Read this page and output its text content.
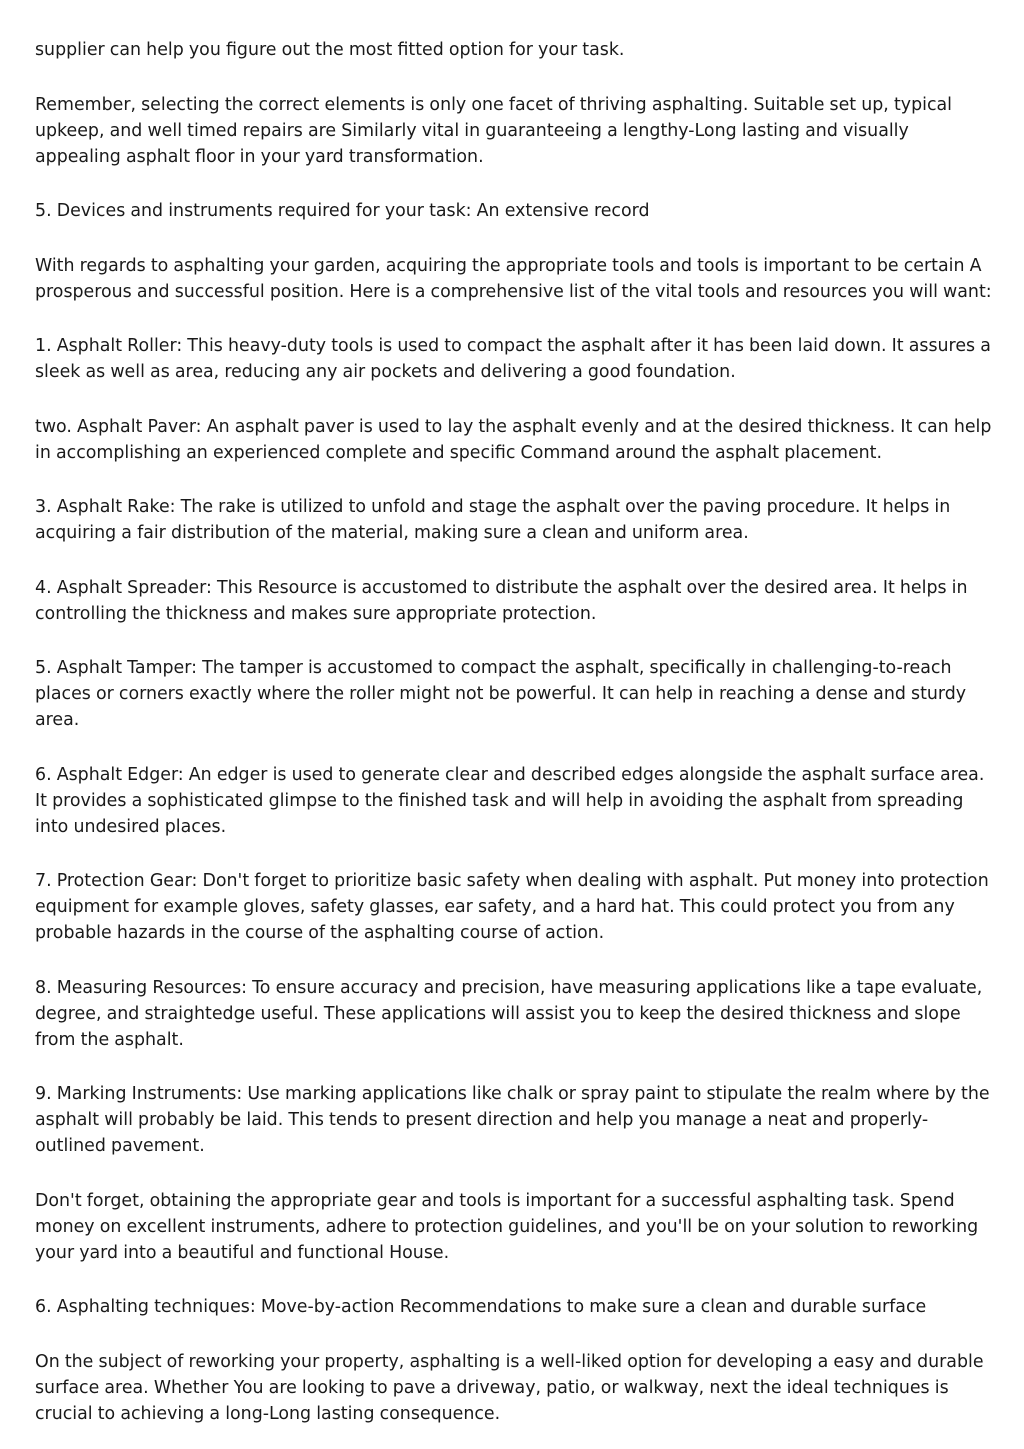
supplier can help you figure out the most fitted option for your task.

Remember, selecting the correct elements is only one facet of thriving asphalting. Suitable set up, typical upkeep, and well timed repairs are Similarly vital in guaranteeing a lengthy-Long lasting and visually appealing asphalt floor in your yard transformation.

5. Devices and instruments required for your task: An extensive record

With regards to asphalting your garden, acquiring the appropriate tools and tools is important to be certain A prosperous and successful position. Here is a comprehensive list of the vital tools and resources you will want:

1. Asphalt Roller: This heavy-duty tools is used to compact the asphalt after it has been laid down. It assures a sleek as well as area, reducing any air pockets and delivering a good foundation.

two. Asphalt Paver: An asphalt paver is used to lay the asphalt evenly and at the desired thickness. It can help in accomplishing an experienced complete and specific Command around the asphalt placement.

3. Asphalt Rake: The rake is utilized to unfold and stage the asphalt over the paving procedure. It helps in acquiring a fair distribution of the material, making sure a clean and uniform area.

4. Asphalt Spreader: This Resource is accustomed to distribute the asphalt over the desired area. It helps in controlling the thickness and makes sure appropriate protection.

5. Asphalt Tamper: The tamper is accustomed to compact the asphalt, specifically in challenging-to-reach places or corners exactly where the roller might not be powerful. It can help in reaching a dense and sturdy area.

6. Asphalt Edger: An edger is used to generate clear and described edges alongside the asphalt surface area. It provides a sophisticated glimpse to the finished task and will help in avoiding the asphalt from spreading into undesired places.

7. Protection Gear: Don't forget to prioritize basic safety when dealing with asphalt. Put money into protection equipment for example gloves, safety glasses, ear safety, and a hard hat. This could protect you from any probable hazards in the course of the asphalting course of action.

8. Measuring Resources: To ensure accuracy and precision, have measuring applications like a tape evaluate, degree, and straightedge useful. These applications will assist you to keep the desired thickness and slope from the asphalt.

9. Marking Instruments: Use marking applications like chalk or spray paint to stipulate the realm where by the asphalt will probably be laid. This tends to present direction and help you manage a neat and properly-outlined pavement.

Don't forget, obtaining the appropriate gear and tools is important for a successful asphalting task. Spend money on excellent instruments, adhere to protection guidelines, and you'll be on your solution to reworking your yard into a beautiful and functional House.

6. Asphalting techniques: Move-by-action Recommendations to make sure a clean and durable surface

On the subject of reworking your property, asphalting is a well-liked option for developing a easy and durable surface area. Whether You are looking to pave a driveway, patio, or walkway, next the ideal techniques is crucial to achieving a long-Long lasting consequence.
